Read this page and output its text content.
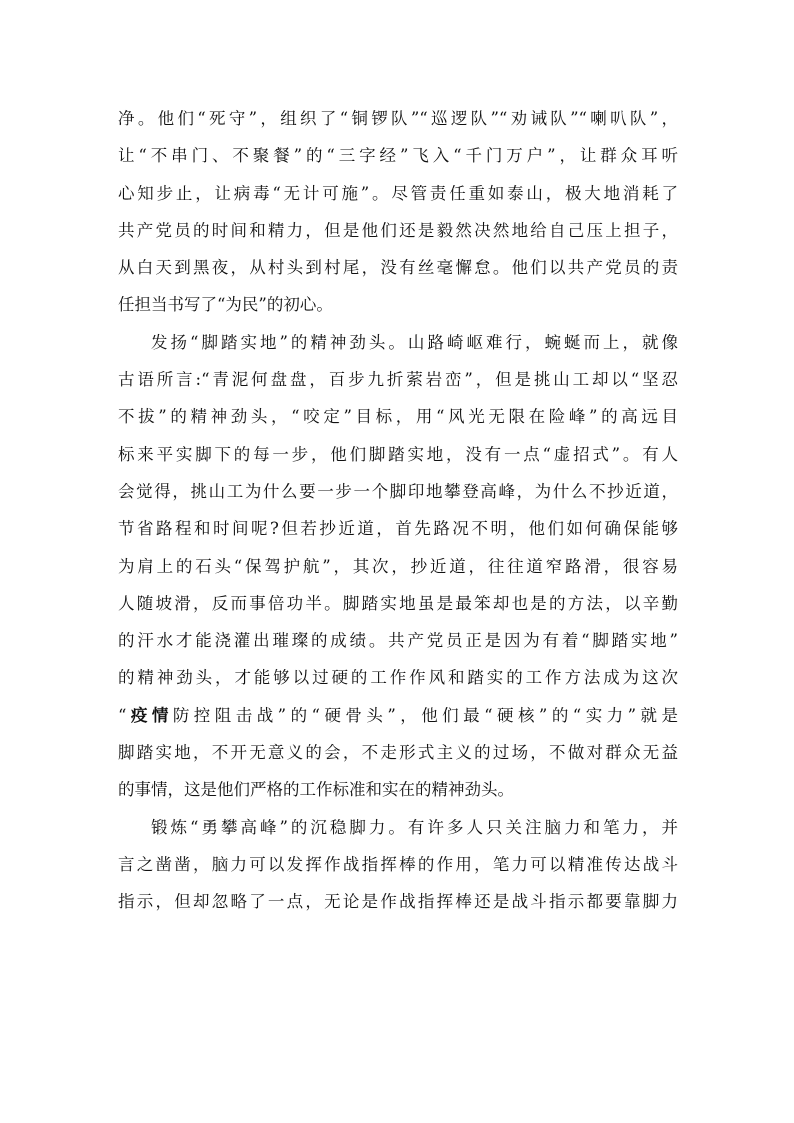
净。他们“死守”，组织了“铜锣队”“巡逻队”“劝诫队”“喇叭队”，
让“不串门、不聚餐”的“三字经”飞入“千门万户”，让群众耳听
心知步止，让病毒“无计可施”。尽管责任重如泰山，极大地消耗了
共产党员的时间和精力，但是他们还是毅然决然地给自己压上担子，
从白天到黑夜，从村头到村尾，没有丝毫懈怠。他们以共产党员的责
任担当书写了“为民”的初心。
发扬“脚踏实地”的精神劲头。山路崎岖难行，蜿蜒而上，就像
古语所言:“青泥何盘盘，百步九折萦岩峦”，但是挑山工却以“坚忍
不拔”的精神劲头，“咬定”目标，用“风光无限在险峰”的高远目
标来平实脚下的每一步，他们脚踏实地，没有一点“虚招式”。有人
会觉得，挑山工为什么要一步一个脚印地攀登高峰，为什么不抄近道，
节省路程和时间呢?但若抄近道，首先路况不明，他们如何确保能够
为肩上的石头“保驾护航”，其次，抄近道，往往道窄路滑，很容易
人随坡滑，反而事倍功半。脚踏实地虽是最笨却也是的方法，以辛勤
的汗水才能浇灌出璀璨的成绩。共产党员正是因为有着“脚踏实地”
的精神劲头，才能够以过硬的工作作风和踏实的工作方法成为这次
“疫情防控阻击战”的“硬骨头”，他们最“硬核”的“实力”就是
脚踏实地，不开无意义的会，不走形式主义的过场，不做对群众无益
的事情，这是他们严格的工作标准和实在的精神劲头。
锻炼“勇攀高峰”的沉稳脚力。有许多人只关注脑力和笔力，并
言之凿凿，脑力可以发挥作战指挥棒的作用，笔力可以精准传达战斗
指示，但却忽略了一点，无论是作战指挥棒还是战斗指示都要靠脚力
